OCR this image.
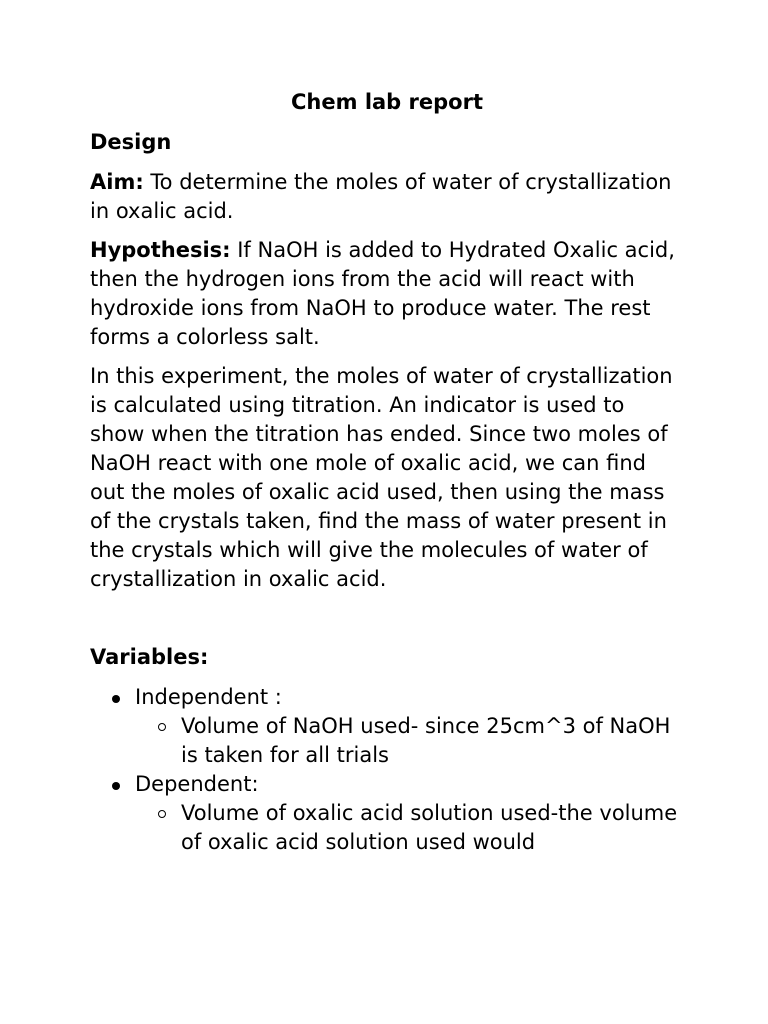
Chem lab report
Design
Aim: To determine the moles of water of crystallization in oxalic acid.
Hypothesis: If NaOH is added to Hydrated Oxalic acid, then the hydrogen ions from the acid will react with hydroxide ions from NaOH to produce water. The rest forms a colorless salt.
In this experiment, the moles of water of crystallization is calculated using titration. An indicator is used to show when the titration has ended. Since two moles of NaOH react with one mole of oxalic acid, we can find out the moles of oxalic acid used, then using the mass of the crystals taken, find the mass of water present in the crystals which will give the molecules of water of crystallization in oxalic acid.
Variables:
Independent :
Volume of NaOH used- since 25cm^3 of NaOH is taken for all trials
Dependent:
Volume of oxalic acid solution used-the volume of oxalic acid solution used would
